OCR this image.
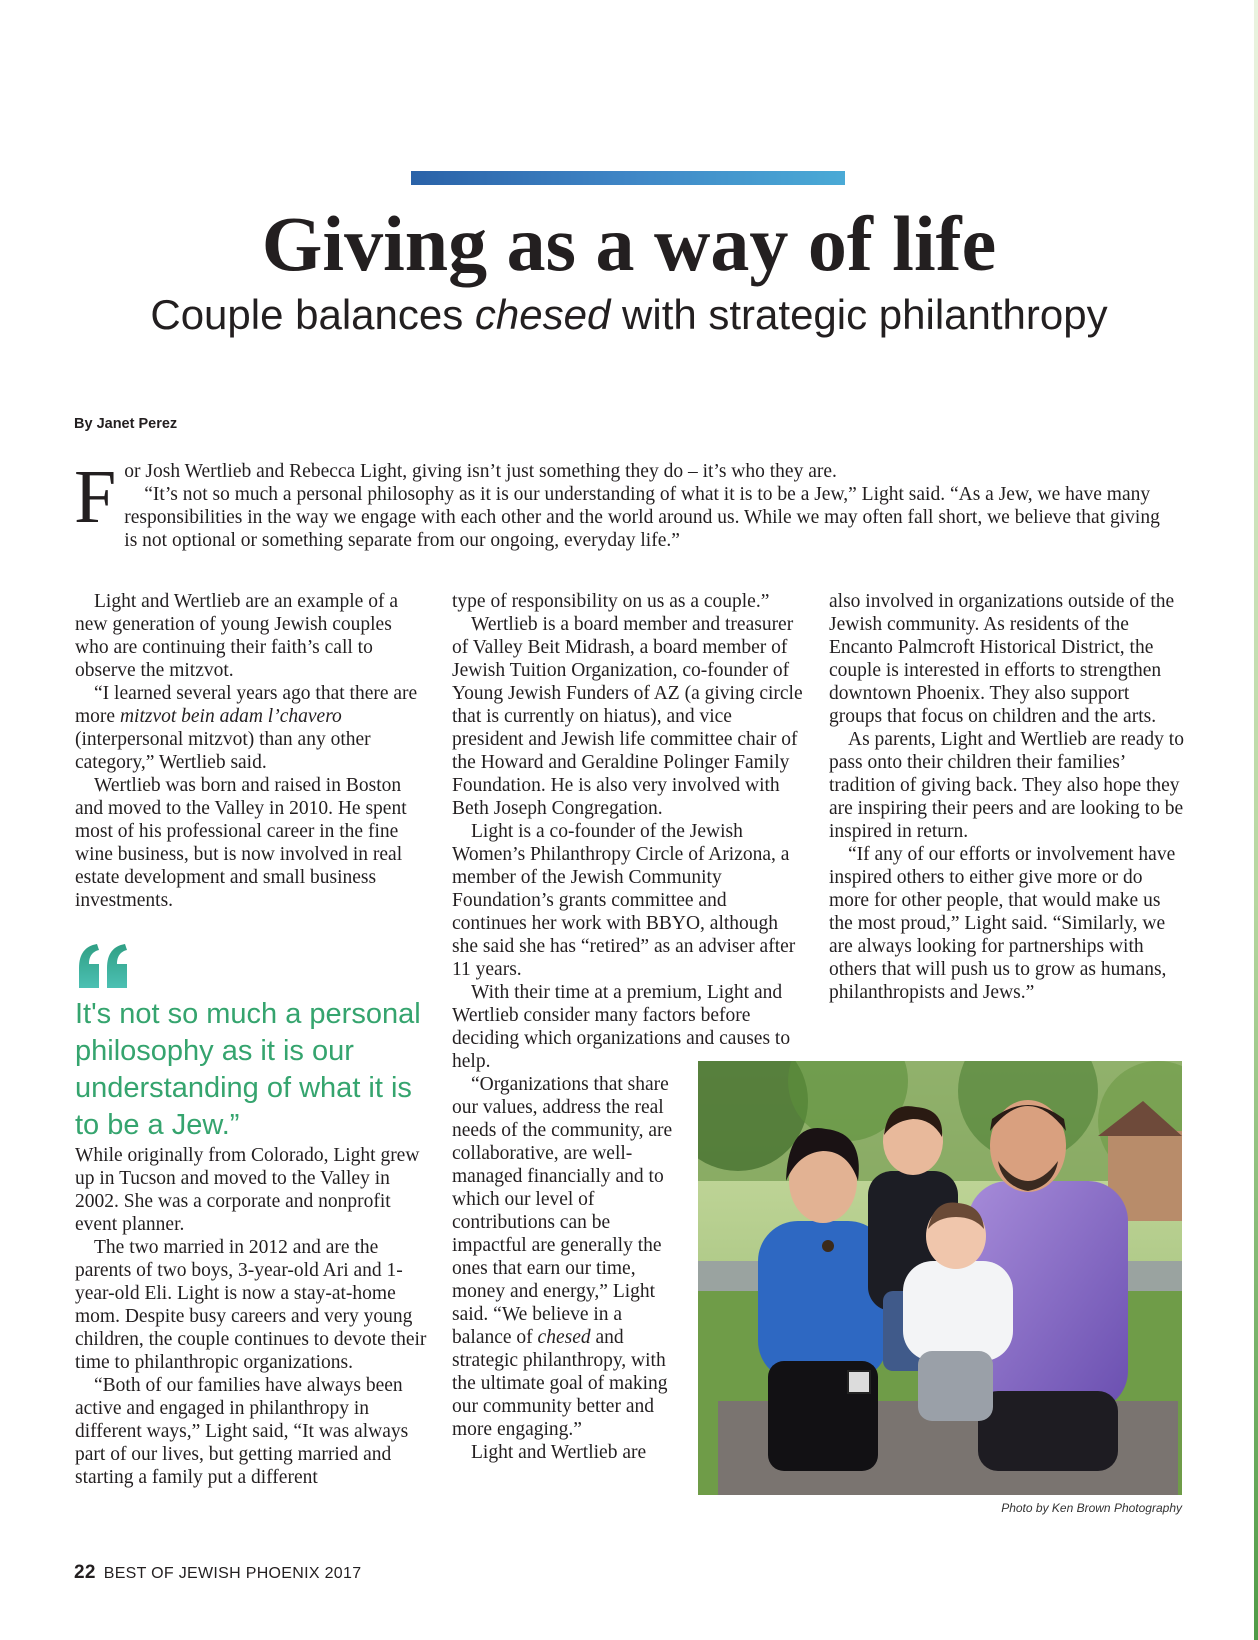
Giving as a way of life
Couple balances chesed with strategic philanthropy
By Janet Perez
F or Josh Wertlieb and Rebecca Light, giving isn’t just something they do – it’s who they are.

“It’s not so much a personal philosophy as it is our understanding of what it is to be a Jew,” Light said. “As a Jew, we have many responsibilities in the way we engage with each other and the world around us. While we may often fall short, we believe that giving is not optional or something separate from our ongoing, everyday life.”

Light and Wertlieb are an example of a new generation of young Jewish couples who are continuing their faith’s call to observe the mitzvot.

“I learned several years ago that there are more mitzvot bein adam l’chavero (interpersonal mitzvot) than any other category,” Wertlieb said.

Wertlieb was born and raised in Boston and moved to the Valley in 2010. He spent most of his professional career in the fine wine business, but is now involved in real estate development and small business investments.

It's not so much a personal philosophy as it is our understanding of what it is to be a Jew.”

While originally from Colorado, Light grew up in Tucson and moved to the Valley in 2002. She was a corporate and nonprofit event planner.

The two married in 2012 and are the parents of two boys, 3-year-old Ari and 1-year-old Eli. Light is now a stay-at-home mom. Despite busy careers and very young children, the couple continues to devote their time to philanthropic organizations.

“Both of our families have always been active and engaged in philanthropy in different ways,” Light said, “It was always part of our lives, but getting married and starting a family put a different

type of responsibility on us as a couple.”

Wertlieb is a board member and treasurer of Valley Beit Midrash, a board member of Jewish Tuition Organization, co-founder of Young Jewish Funders of AZ (a giving circle that is currently on hiatus), and vice president and Jewish life committee chair of the Howard and Geraldine Polinger Family Foundation. He is also very involved with Beth Joseph Congregation.

Light is a co-founder of the Jewish Women’s Philanthropy Circle of Arizona, a member of the Jewish Community Foundation’s grants committee and continues her work with BBYO, although she said she has “retired” as an adviser after 11 years.

With their time at a premium, Light and Wertlieb consider many factors before deciding which organizations and causes to help.

“Organizations that share our values, address the real needs of the community, are collaborative, are well-managed financially and to which our level of contributions can be impactful are generally the ones that earn our time, money and energy,” Light said. “We believe in a balance of chesed and strategic philanthropy, with the ultimate goal of making our community better and more engaging.”

Light and Wertlieb are

also involved in organizations outside of the Jewish community. As residents of the Encanto Palmcroft Historical District, the couple is interested in efforts to strengthen downtown Phoenix. They also support groups that focus on children and the arts.

As parents, Light and Wertlieb are ready to pass onto their children their families’ tradition of giving back. They also hope they are inspiring their peers and are looking to be inspired in return.

“If any of our efforts or involvement have inspired others to either give more or do more for other people, that would make us the most proud,” Light said. “Similarly, we are always looking for partnerships with others that will push us to grow as humans, philanthropists and Jews.”

Photo by Ken Brown Photography
22 BEST OF JEWISH PHOENIX 2017
